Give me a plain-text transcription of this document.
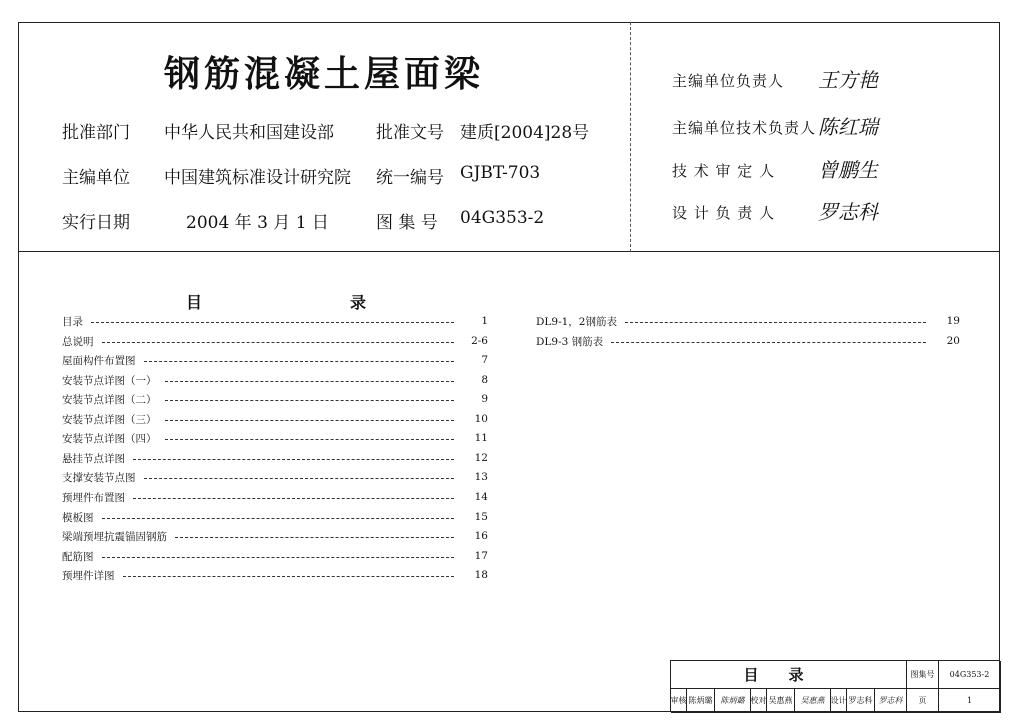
钢筋混凝土屋面梁
批准部门 中华人民共和国建设部 批准文号 建质[2004]28号
主编单位 中国建筑标准设计研究院 统一编号 GJBT-703
实行日期	2004 年 3 月 1 日	图 集 号 04G353-2
主编单位负责人 王方艳
主编单位技术负责人 陈红瑞
技 术 审 定 人 曾鹏生
设 计 负 责 人 罗志科
目	录
目录	1
总说明	2-6
屋面构件布置图	7
安装节点详图（一）	8
安装节点详图（二）	9
安装节点详图（三）	10
安装节点详图（四）	11
悬挂节点详图	12
支撑安装节点图	13
预埋件布置图	14
模板图	15
梁端预埋抗震锚固钢筋	16
配筋图	17
预埋件详图	18
DL9-1，2钢筋表	19
DL9-3 钢筋表	20
目录	图集号	04G353-2
审核 陈炳璐	陈炳璐 校对 吴惠燕	吴惠燕 设计 罗志科 罗志科	页	1
